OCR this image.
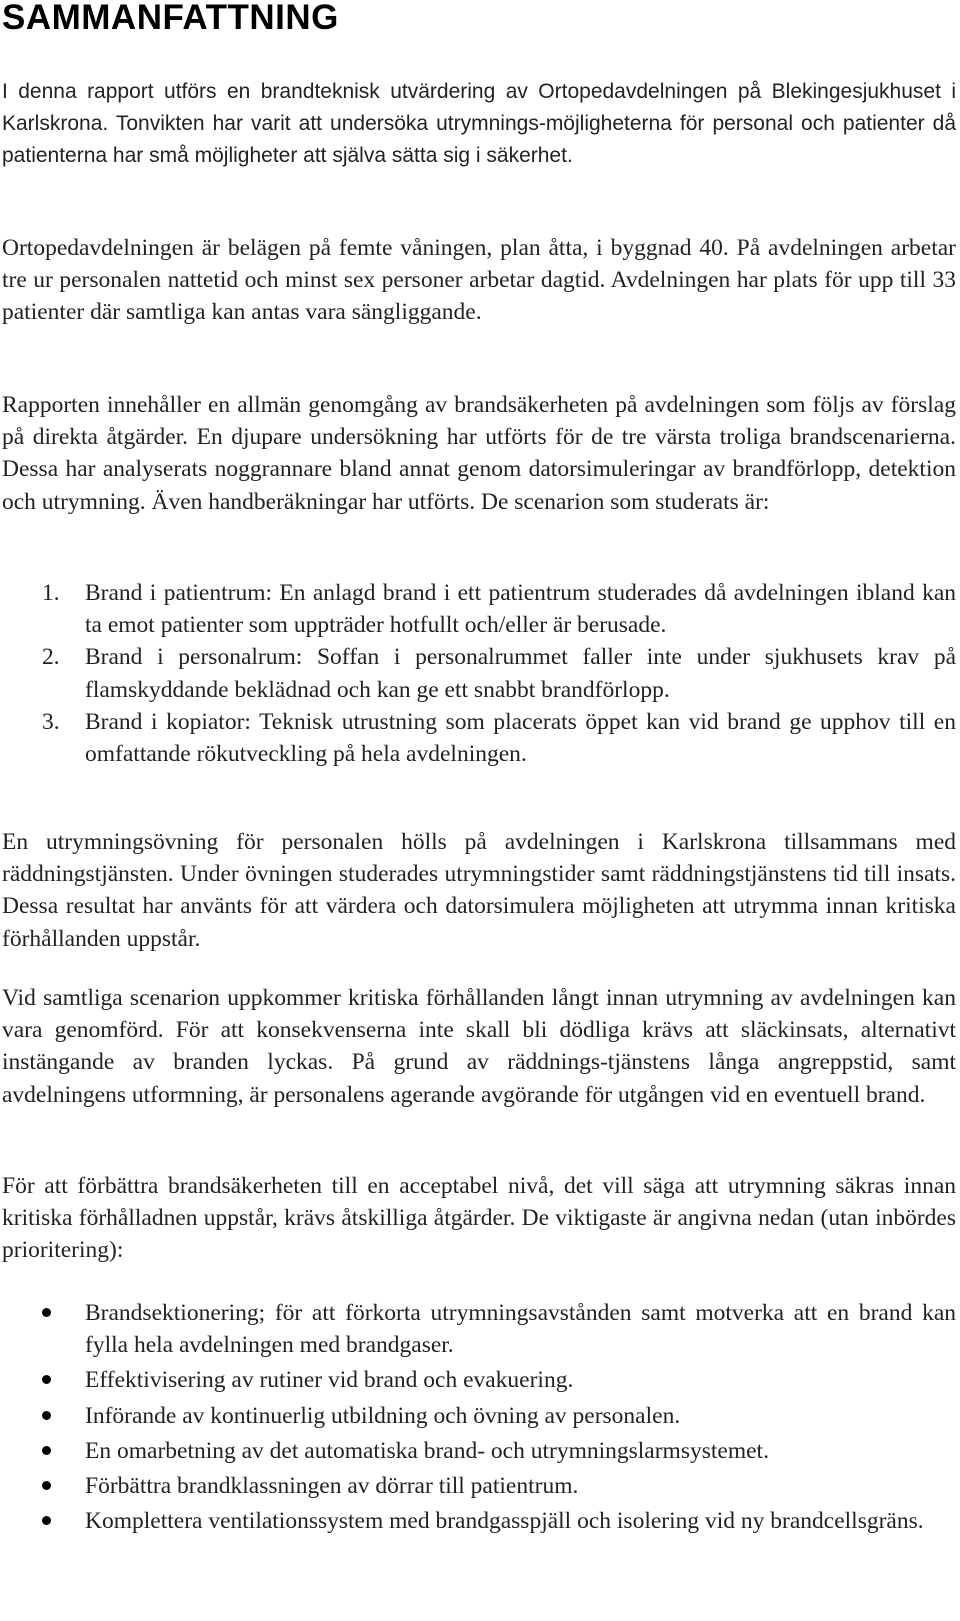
SAMMANFATTNING

I denna rapport utförs en brandteknisk utvärdering av Ortopedavdelningen på Blekingesjukhuset i Karlskrona. Tonvikten har varit att undersöka utrymnings-möjligheterna för personal och patienter då patienterna har små möjligheter att själva sätta sig i säkerhet.

Ortopedavdelningen är belägen på femte våningen, plan åtta, i byggnad 40. På avdelningen arbetar tre ur personalen nattetid och minst sex personer arbetar dagtid. Avdelningen har plats för upp till 33 patienter där samtliga kan antas vara sängliggande.

Rapporten innehåller en allmän genomgång av brandsäkerheten på avdelningen som följs av förslag på direkta åtgärder. En djupare undersökning har utförts för de tre värsta troliga brandscenarierna. Dessa har analyserats noggrannare bland annat genom datorsimuleringar av brandförlopp, detektion och utrymning. Även handberäkningar har utförts. De scenarion som studerats är:

1. Brand i patientrum: En anlagd brand i ett patientrum studerades då avdelningen ibland kan ta emot patienter som uppträder hotfullt och/eller är berusade.
2. Brand i personalrum: Soffan i personalrummet faller inte under sjukhusets krav på flamskyddande beklädnad och kan ge ett snabbt brandförlopp.
3. Brand i kopiator: Teknisk utrustning som placerats öppet kan vid brand ge upphov till en omfattande rökutveckling på hela avdelningen.

En utrymningsövning för personalen hölls på avdelningen i Karlskrona tillsammans med räddningstjänsten. Under övningen studerades utrymningstider samt räddningstjänstens tid till insats. Dessa resultat har använts för att värdera och datorsimulera möjligheten att utrymma innan kritiska förhållanden uppstår.

Vid samtliga scenarion uppkommer kritiska förhållanden långt innan utrymning av avdelningen kan vara genomförd. För att konsekvenserna inte skall bli dödliga krävs att släckinsats, alternativt instängande av branden lyckas. På grund av räddnings-tjänstens långa angreppstid, samt avdelningens utformning, är personalens agerande avgörande för utgången vid en eventuell brand.

För att förbättra brandsäkerheten till en acceptabel nivå, det vill säga att utrymning säkras innan kritiska förhålladnen uppstår, krävs åtskilliga åtgärder. De viktigaste är angivna nedan (utan inbördes prioritering):

Brandsektionering; för att förkorta utrymningsavstånden samt motverka att en brand kan fylla hela avdelningen med brandgaser.
Effektivisering av rutiner vid brand och evakuering.
Införande av kontinuerlig utbildning och övning av personalen.
En omarbetning av det automatiska brand- och utrymningslarmsystemet.
Förbättra brandklassningen av dörrar till patientrum.
Komplettera ventilationssystem med brandgasspjäll och isolering vid ny brandcellsgräns.
